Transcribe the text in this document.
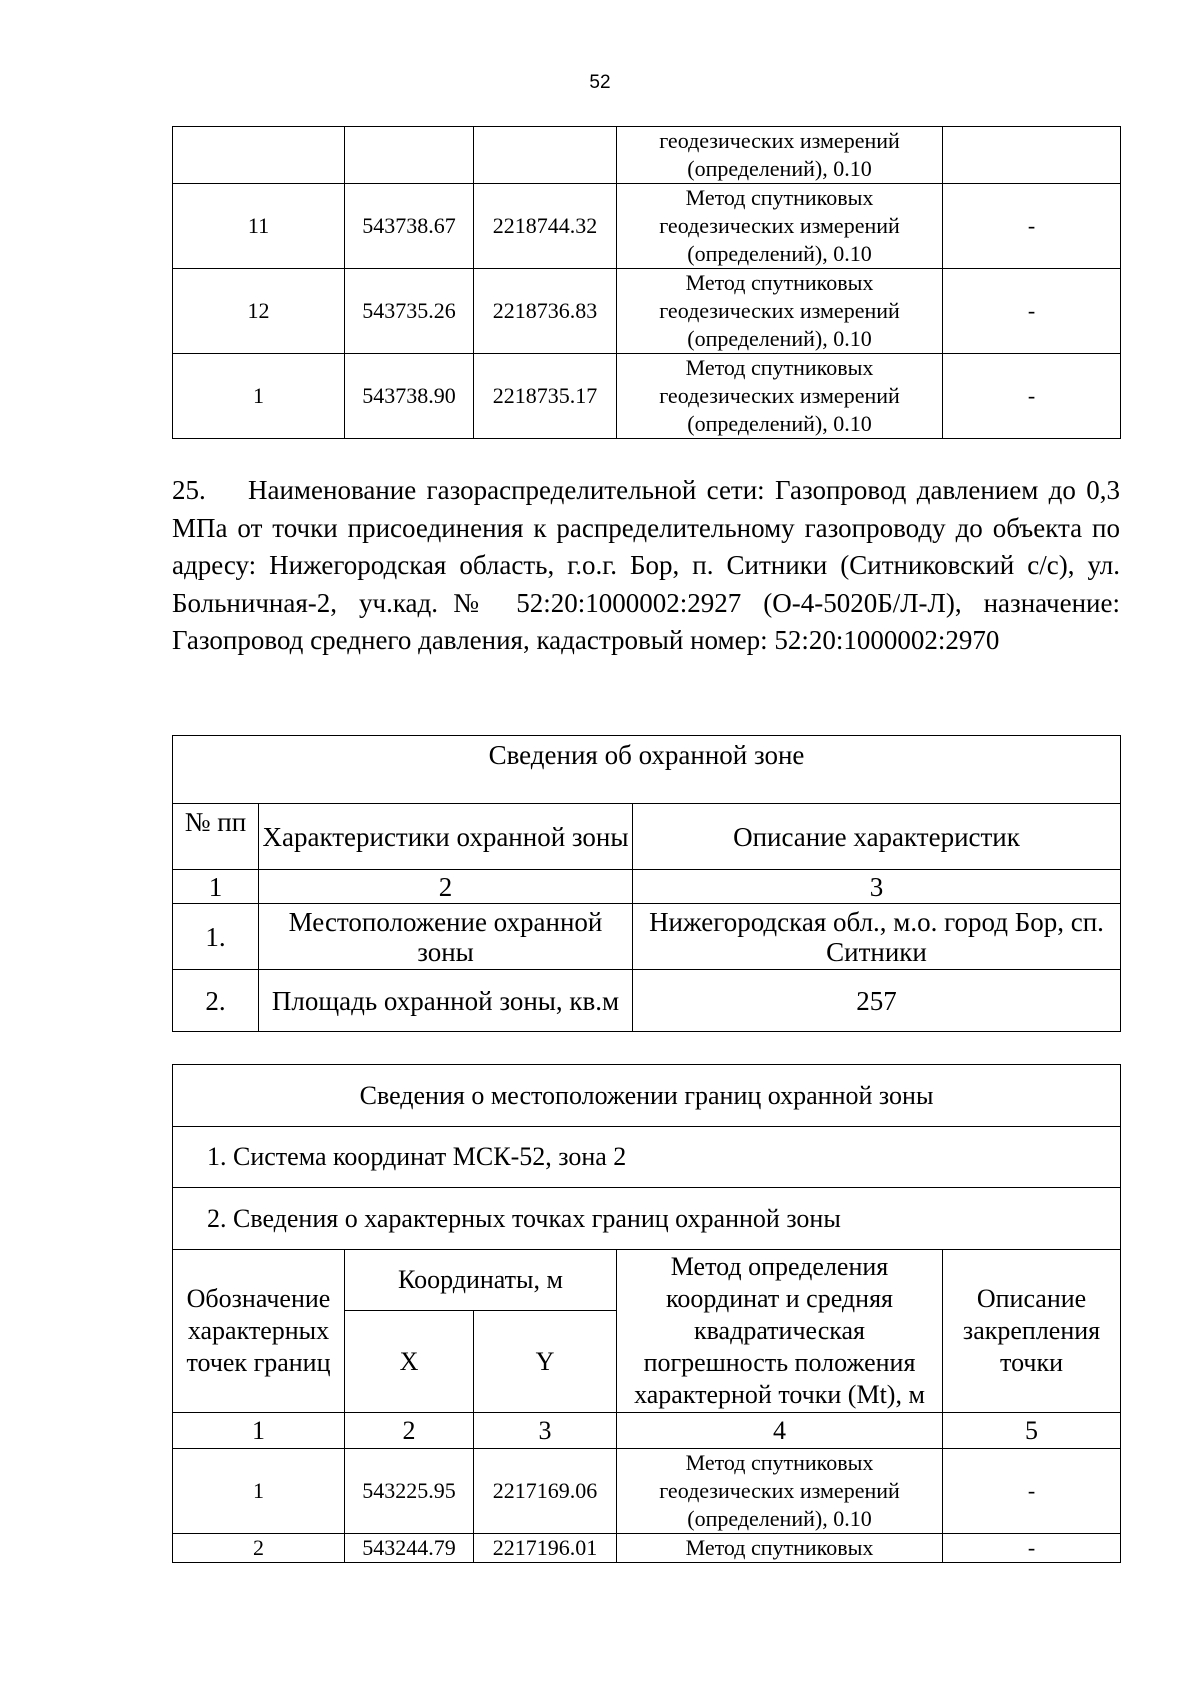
52

			геодезических измерений
(определений), 0.10	

11	543738.67	2218744.32	Метод спутниковых
геодезических измерений
(определений), 0.10	-
12	543735.26	2218736.83	Метод спутниковых
геодезических измерений
(определений), 0.10	-
1	543738.90	2218735.17	Метод спутниковых
геодезических измерений
(определений), 0.10	-

25. Наименование газораспределительной сети: Газопровод давлением до 0,3 МПа от точки присоединения к распределительному газопроводу до объекта по адресу: Нижегородская область, г.о.г. Бор, п. Ситники (Ситниковский с/с), ул. Больничная-2, уч.кад.№ 52:20:1000002:2927 (О-4-5020Б/Л-Л), назначение: Газопровод среднего давления, кадастровый номер: 52:20:1000002:2970

Сведения об охранной зоне		
№ пп	Характеристики охранной зоны	Описание характеристик
1	2	3
1.	Местоположение охранной зоны	Нижегородская обл., м.о. город Бор, сп. Ситники
2.	Площадь охранной зоны, кв.м	257
Сведения о местоположении границ охранной зоны				
1. Система координат МСК-52, зона 2				
2. Сведения о характерных точках границ охранной зоны				
Обозначение характерных точек границ	Координаты, м		Метод определения координат и средняя квадратическая погрешность положения характерной точки (Mt), м	Описание закрепления точки
	X	Y		
1	2	3	4	5
1	543225.95	2217169.06	Метод спутниковых
геодезических измерений
(определений), 0.10	-
2	543244.79	2217196.01	Метод спутниковых	-
